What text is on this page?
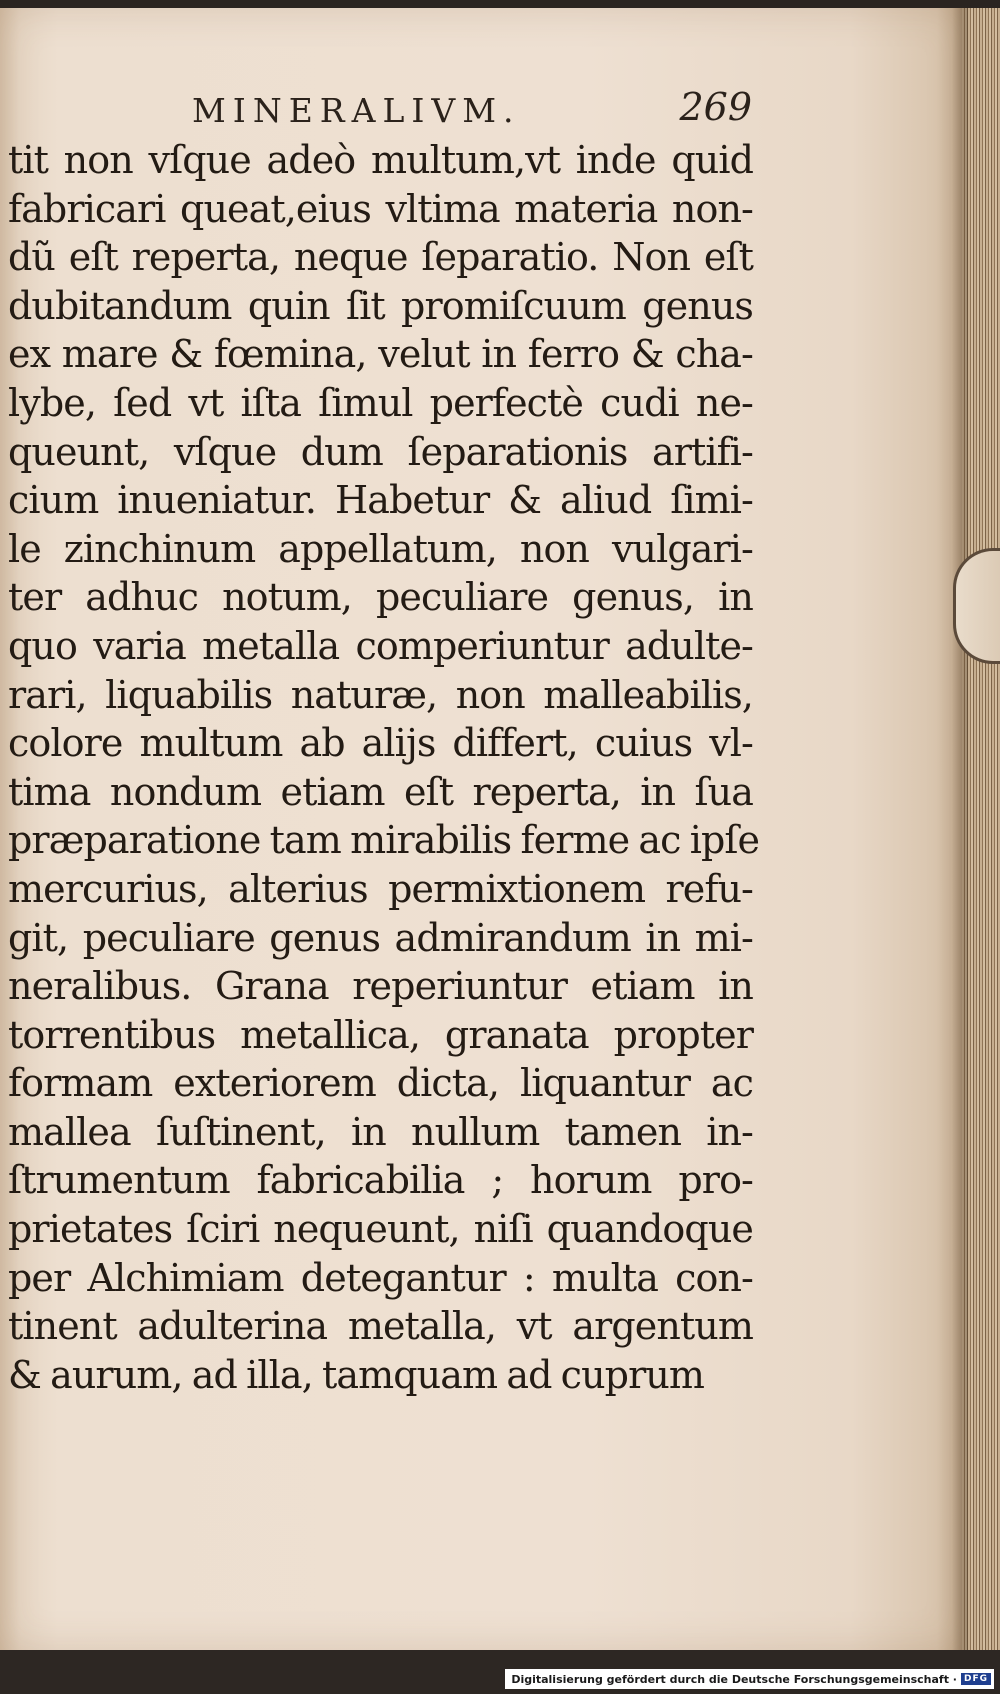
MINERALIVM.	269
tit non vſque adeò multum,vt inde quid
fabricari queat,eius vltima materia non-
dũ eſt reperta, neque ſeparatio. Non eſt
dubitandum quin ſit promiſcuum genus
ex mare & fœmina, velut in ferro & cha-
lybe, ſed vt iſta ſimul perfectè cudi ne-
queunt, vſque dum ſeparationis artifi-
cium inueniatur. Habetur & aliud ſimi-
le zinchinum appellatum, non vulgari-
ter adhuc notum, peculiare genus, in
quo varia metalla comperiuntur adulte-
rari, liquabilis naturæ, non malleabilis,
colore multum ab alijs differt, cuius vl-
tima nondum etiam eſt reperta, in ſua
præparatione tam mirabilis ferme ac ipſe
mercurius, alterius permixtionem refu-
git, peculiare genus admirandum in mi-
neralibus. Grana reperiuntur etiam in
torrentibus metallica, granata propter
formam exteriorem dicta, liquantur ac
mallea ſuſtinent, in nullum tamen in-
ſtrumentum fabricabilia ; horum pro-
prietates ſciri nequeunt, niſi quandoque
per Alchimiam detegantur : multa con-
tinent adulterina metalla, vt argentum
& aurum, ad illa, tamquam ad cuprum
Digitalisierung gefördert durch die Deutsche Forschungsgemeinschaft · DFG
